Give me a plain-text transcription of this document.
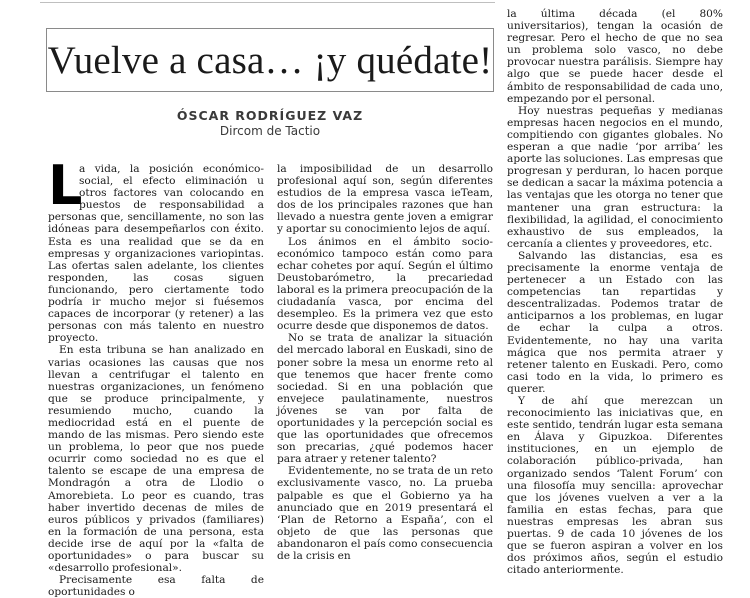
Vuelve a casa… ¡y quédate!
ÓSCAR RODRÍGUEZ VAZ
Dircom de Tactio

L
a vida, la posición económico-social, el efecto eliminación u otros factores van colocando en puestos de responsabilidad a personas que, sencillamente, no son las idóneas para desempeñarlos con éxito. Esta es una realidad que se da en empresas y organizaciones variopintas. Las ofertas salen adelante, los clientes responden, las cosas siguen funcionando, pero ciertamente todo podría ir mucho mejor si fuésemos capaces de incorporar (y retener) a las personas con más talento en nuestro proyecto.

En esta tribuna se han analizado en varias ocasiones las causas que nos llevan a centrifugar el talento en nuestras organizaciones, un fenómeno que se produce principalmente, y resumiendo mucho, cuando la mediocridad está en el puente de mando de las mismas. Pero siendo este un problema, lo peor que nos puede ocurrir como sociedad no es que el talento se escape de una empresa de Mondragón a otra de Llodio o Amorebieta. Lo peor es cuando, tras haber invertido decenas de miles de euros públicos y privados (familiares) en la formación de una persona, esta decide irse de aquí por la «falta de oportunidades» o para buscar su «desarrollo profesional».

Precisamente esa falta de oportunidades o

la imposibilidad de un desarrollo profesional aquí son, según diferentes estudios de la empresa vasca ieTeam, dos de los principales razones que han llevado a nuestra gente joven a emigrar y aportar su conocimiento lejos de aquí.

Los ánimos en el ámbito socio-económico tampoco están como para echar cohetes por aquí. Según el último Deustobarómetro, la precariedad laboral es la primera preocupación de la ciudadanía vasca, por encima del desempleo. Es la primera vez que esto ocurre desde que disponemos de datos.

No se trata de analizar la situación del mercado laboral en Euskadi, sino de poner sobre la mesa un enorme reto al que tenemos que hacer frente como sociedad. Si en una población que envejece paulatinamente, nuestros jóvenes se van por falta de oportunidades y la percepción social es que las oportunidades que ofrecemos son precarias, ¿qué podemos hacer para atraer y retener talento?

Evidentemente, no se trata de un reto exclusivamente vasco, no. La prueba palpable es que el Gobierno ya ha anunciado que en 2019 presentará el ‘Plan de Retorno a España’, con el objeto de que las personas que abandonaron el país como consecuencia de la crisis en

la última década (el 80% universitarios), tengan la ocasión de regresar. Pero el hecho de que no sea un problema solo vasco, no debe provocar nuestra parálisis. Siempre hay algo que se puede hacer desde el ámbito de responsabilidad de cada uno, empezando por el personal.

Hoy nuestras pequeñas y medianas empresas hacen negocios en el mundo, compitiendo con gigantes globales. No esperan a que nadie ‘por arriba’ les aporte las soluciones. Las empresas que progresan y perduran, lo hacen porque se dedican a sacar la máxima potencia a las ventajas que les otorga no tener que mantener una gran estructura: la flexibilidad, la agilidad, el conocimiento exhaustivo de sus empleados, la cercanía a clientes y proveedores, etc.

Salvando las distancias, esa es precisamente la enorme ventaja de pertenecer a un Estado con las competencias tan repartidas y descentralizadas. Podemos tratar de anticiparnos a los problemas, en lugar de echar la culpa a otros. Evidentemente, no hay una varita mágica que nos permita atraer y retener talento en Euskadi. Pero, como casi todo en la vida, lo primero es querer.

Y de ahí que merezcan un reconocimiento las iniciativas que, en este sentido, tendrán lugar esta semana en Álava y Gipuzkoa. Diferentes instituciones, en un ejemplo de colaboración público-privada, han organizado sendos ‘Talent Forum’ con una filosofía muy sencilla: aprovechar que los jóvenes vuelven a ver a la familia en estas fechas, para que nuestras empresas les abran sus puertas. 9 de cada 10 jóvenes de los que se fueron aspiran a volver en los dos próximos años, según el estudio citado anteriormente.
